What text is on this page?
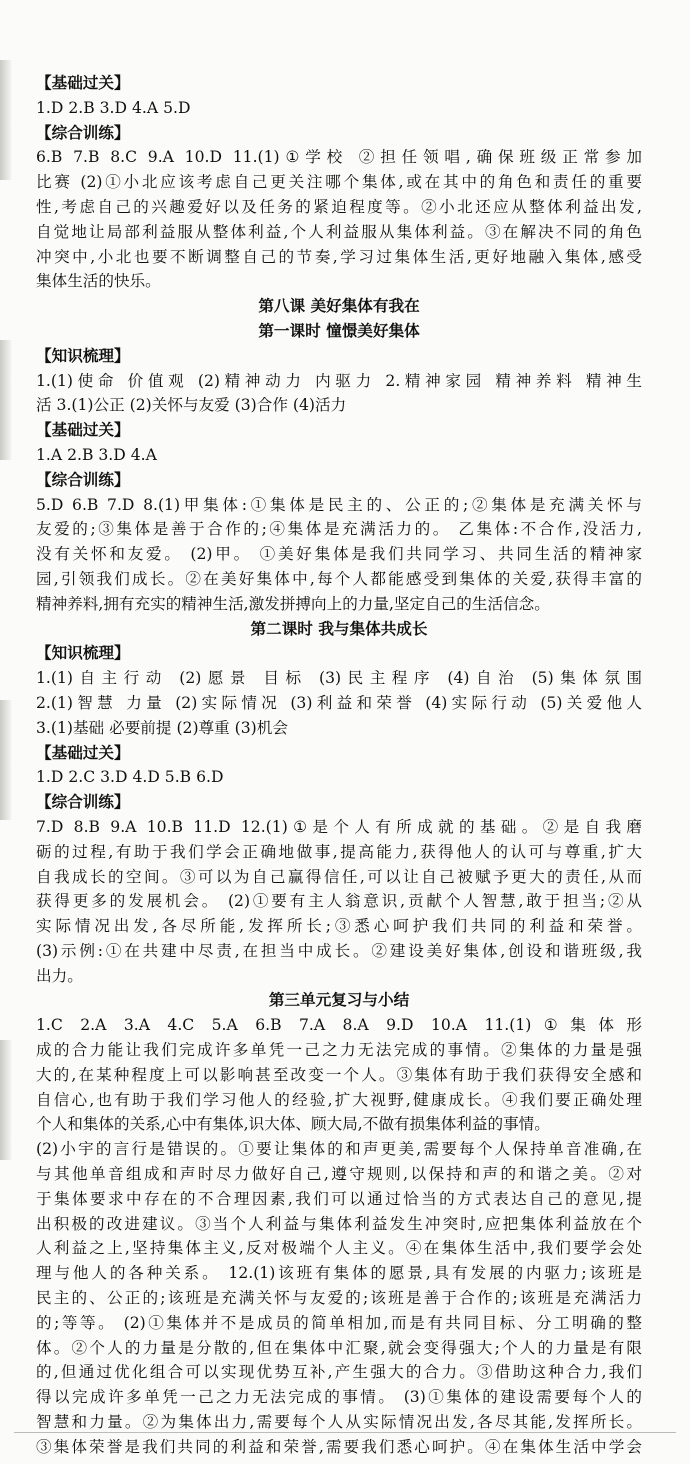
【基础过关】
1.D 2.B 3.D 4.A 5.D
【综合训练】
6.B 7.B 8.C 9.A 10.D 11.(1)①学校 ②担任领唱,确保班级正常参加
比赛 (2)①小北应该考虑自己更关注哪个集体,或在其中的角色和责任的重要
性,考虑自己的兴趣爱好以及任务的紧迫程度等。②小北还应从整体利益出发,
自觉地让局部利益服从整体利益,个人利益服从集体利益。③在解决不同的角色
冲突中,小北也要不断调整自己的节奏,学习过集体生活,更好地融入集体,感受
集体生活的快乐。
第八课 美好集体有我在
第一课时 憧憬美好集体
【知识梳理】
1.(1)使命 价值观 (2)精神动力 内驱力 2.精神家园 精神养料 精神生
活 3.(1)公正 (2)关怀与友爱 (3)合作 (4)活力
【基础过关】
1.A 2.B 3.D 4.A
【综合训练】
5.D 6.B 7.D 8.(1)甲集体:①集体是民主的、公正的;②集体是充满关怀与
友爱的;③集体是善于合作的;④集体是充满活力的。 乙集体:不合作,没活力,
没有关怀和友爱。 (2)甲。 ①美好集体是我们共同学习、共同生活的精神家
园,引领我们成长。②在美好集体中,每个人都能感受到集体的关爱,获得丰富的
精神养料,拥有充实的精神生活,激发拼搏向上的力量,坚定自己的生活信念。
第二课时 我与集体共成长
【知识梳理】
1.(1)自主行动 (2)愿景 目标 (3)民主程序 (4)自治 (5)集体氛围
2.(1)智慧 力量 (2)实际情况 (3)利益和荣誉 (4)实际行动 (5)关爱他人
3.(1)基础 必要前提 (2)尊重 (3)机会
【基础过关】
1.D 2.C 3.D 4.D 5.B 6.D
【综合训练】
7.D 8.B 9.A 10.B 11.D 12.(1)①是个人有所成就的基础。②是自我磨
砺的过程,有助于我们学会正确地做事,提高能力,获得他人的认可与尊重,扩大
自我成长的空间。③可以为自己赢得信任,可以让自己被赋予更大的责任,从而
获得更多的发展机会。 (2)①要有主人翁意识,贡献个人智慧,敢于担当;②从
实际情况出发,各尽所能,发挥所长;③悉心呵护我们共同的利益和荣誉。
(3)示例:①在共建中尽责,在担当中成长。②建设美好集体,创设和谐班级,我
出力。
第三单元复习与小结
1.C 2.A 3.A 4.C 5.A 6.B 7.A 8.A 9.D 10.A 11.(1)①集体形
成的合力能让我们完成许多单凭一己之力无法完成的事情。②集体的力量是强
大的,在某种程度上可以影响甚至改变一个人。③集体有助于我们获得安全感和
自信心,也有助于我们学习他人的经验,扩大视野,健康成长。④我们要正确处理
个人和集体的关系,心中有集体,识大体、顾大局,不做有损集体利益的事情。
(2)小宇的言行是错误的。①要让集体的和声更美,需要每个人保持单音准确,在
与其他单音组成和声时尽力做好自己,遵守规则,以保持和声的和谐之美。②对
于集体要求中存在的不合理因素,我们可以通过恰当的方式表达自己的意见,提
出积极的改进建议。③当个人利益与集体利益发生冲突时,应把集体利益放在个
人利益之上,坚持集体主义,反对极端个人主义。④在集体生活中,我们要学会处
理与他人的各种关系。 12.(1)该班有集体的愿景,具有发展的内驱力;该班是
民主的、公正的;该班是充满关怀与友爱的;该班是善于合作的;该班是充满活力
的;等等。 (2)①集体并不是成员的简单相加,而是有共同目标、分工明确的整
体。②个人的力量是分散的,但在集体中汇聚,就会变得强大;个人的力量是有限
的,但通过优化组合可以实现优势互补,产生强大的合力。③借助这种合力,我们
得以完成许多单凭一己之力无法完成的事情。 (3)①集体的建设需要每个人的
智慧和力量。②为集体出力,需要每个人从实际情况出发,各尽其能,发挥所长。
③集体荣誉是我们共同的利益和荣誉,需要我们悉心呵护。④在集体生活中学会
